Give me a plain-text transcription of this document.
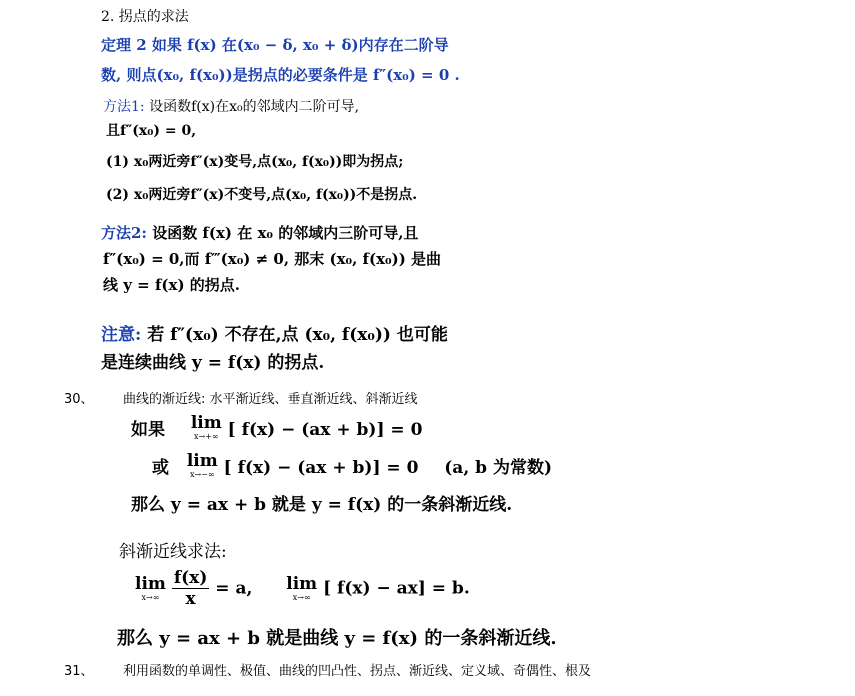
2. 拐点的求法
定理 2 如果 f(x) 在(x₀ − δ, x₀ + δ)内存在二阶导
数, 则点(x₀, f(x₀))是拐点的必要条件是 f″(x₀) = 0 .
方法1: 设函数f(x)在x₀的邻域内二阶可导,
且f″(x₀) = 0,
(1) x₀两近旁f″(x)变号,点(x₀, f(x₀))即为拐点;
(2) x₀两近旁f″(x)不变号,点(x₀, f(x₀))不是拐点.
方法2: 设函数 f(x) 在 x₀ 的邻域内三阶可导,且
f″(x₀) = 0,而 f‴(x₀) ≠ 0, 那末 (x₀, f(x₀)) 是曲
线 y = f(x) 的拐点.
注意: 若 f″(x₀) 不存在,点 (x₀, f(x₀)) 也可能
是连续曲线 y = f(x) 的拐点.
30、 曲线的渐近线: 水平渐近线、垂直渐近线、斜渐近线
如果 lim
x→+∞ [ f(x) − (ax + b)] = 0
或 lim
x→−∞ [ f(x) − (ax + b)] = 0 (a, b 为常数)
那么 y = ax + b 就是 y = f(x) 的一条斜渐近线.
斜渐近线求法:
lim
x→∞
$\frac{f(x)}{x} = a$, lim
x→∞ [ f(x) − ax] = b.
那么 y = ax + b 就是曲线 y = f(x) 的一条斜渐近线.
31、 利用函数的单调性、极值、曲线的凹凸性、拐点、渐近线、定义域、奇偶性、根及
